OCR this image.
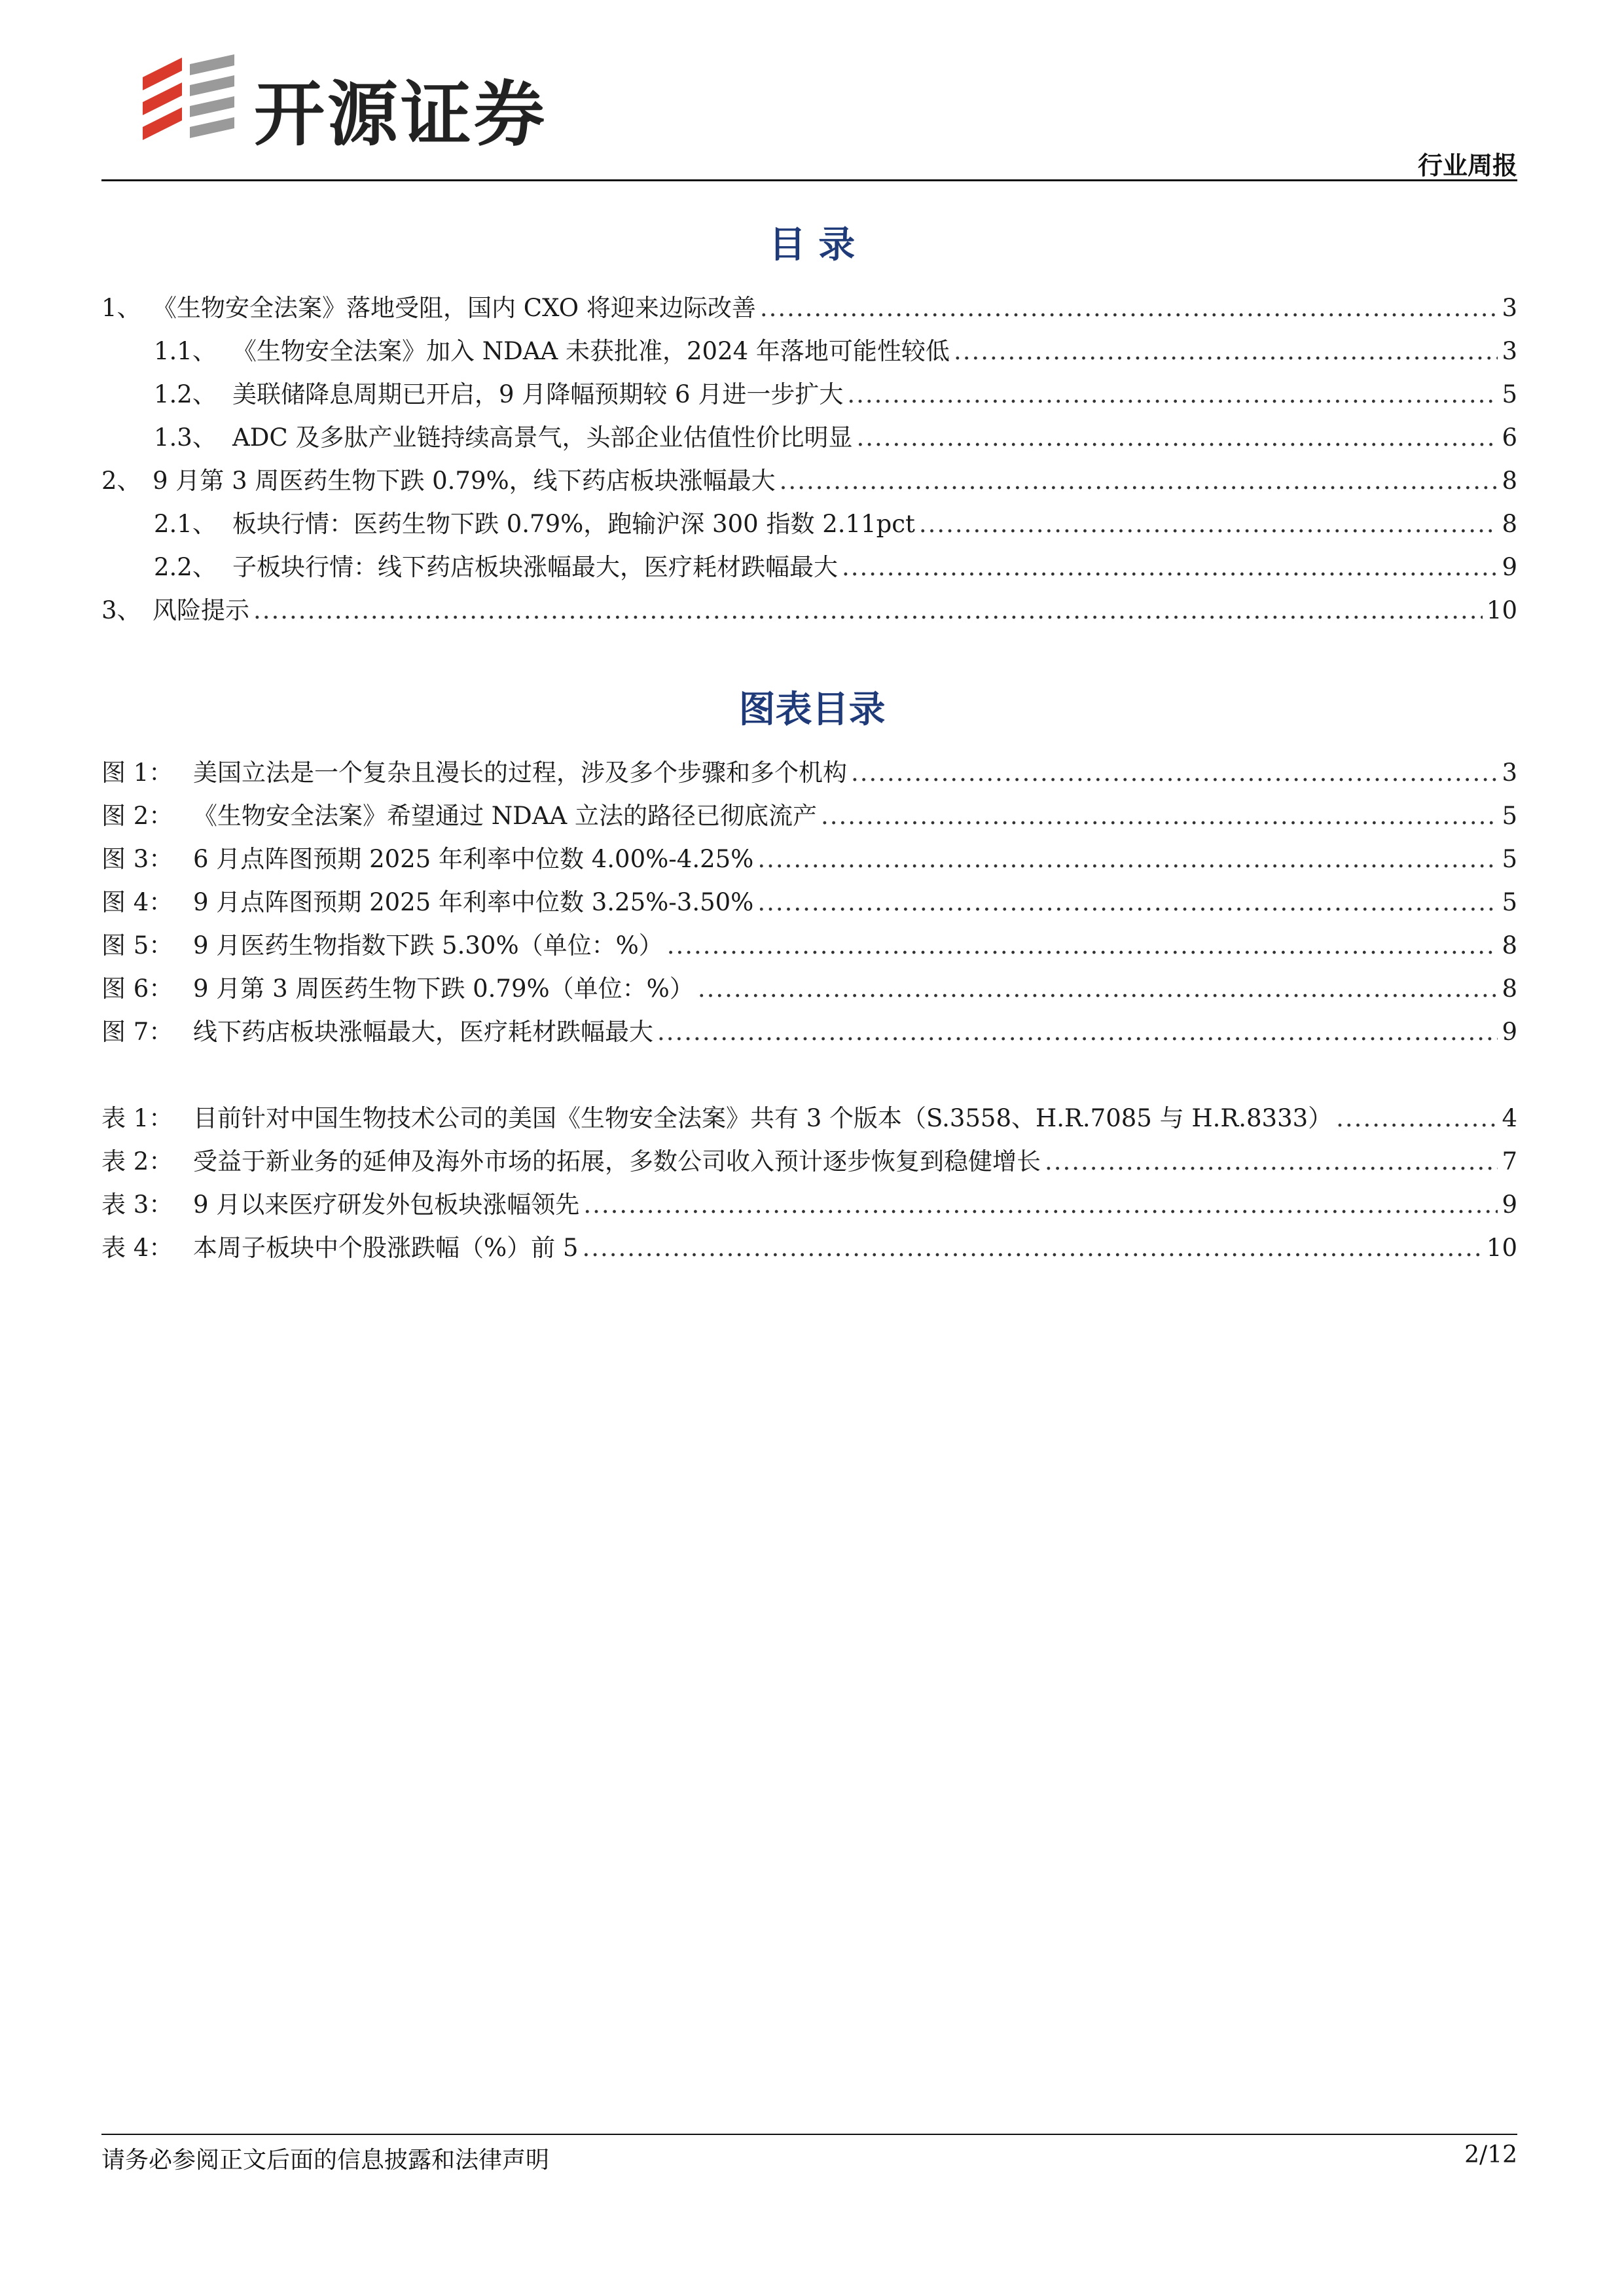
开源证券
行业周报
目 录
1、 《生物安全法案》落地受阻，国内 CXO 将迎来边际改善 .....	3
1.1、 《生物安全法案》加入 NDAA 未获批准，2024 年落地可能性较低 .....	3
1.2、 美联储降息周期已开启，9 月降幅预期较 6 月进一步扩大 .....	5
1.3、 ADC 及多肽产业链持续高景气，头部企业估值性价比明显 .....	6
2、 9 月第 3 周医药生物下跌 0.79%，线下药店板块涨幅最大 .....	8
2.1、 板块行情：医药生物下跌 0.79%，跑输沪深 300 指数 2.11pct .....	8
2.2、 子板块行情：线下药店板块涨幅最大，医疗耗材跌幅最大 .....	9
3、 风险提示 .....	10
图表目录
图 1： 美国立法是一个复杂且漫长的过程，涉及多个步骤和多个机构 .....	3
图 2： 《生物安全法案》希望通过 NDAA 立法的路径已彻底流产 .....	5
图 3： 6 月点阵图预期 2025 年利率中位数 4.00%-4.25% .....	5
图 4： 9 月点阵图预期 2025 年利率中位数 3.25%-3.50% .....	5
图 5： 9 月医药生物指数下跌 5.30%（单位：%） .....	8
图 6： 9 月第 3 周医药生物下跌 0.79%（单位：%） .....	8
图 7： 线下药店板块涨幅最大，医疗耗材跌幅最大 .....	9
表 1： 目前针对中国生物技术公司的美国《生物安全法案》共有 3 个版本（S.3558、H.R.7085 与 H.R.8333） .....	4
表 2： 受益于新业务的延伸及海外市场的拓展，多数公司收入预计逐步恢复到稳健增长 .....	7
表 3： 9 月以来医疗研发外包板块涨幅领先 .....	9
表 4： 本周子板块中个股涨跌幅（%）前 5 .....	10
请务必参阅正文后面的信息披露和法律声明	2/12
